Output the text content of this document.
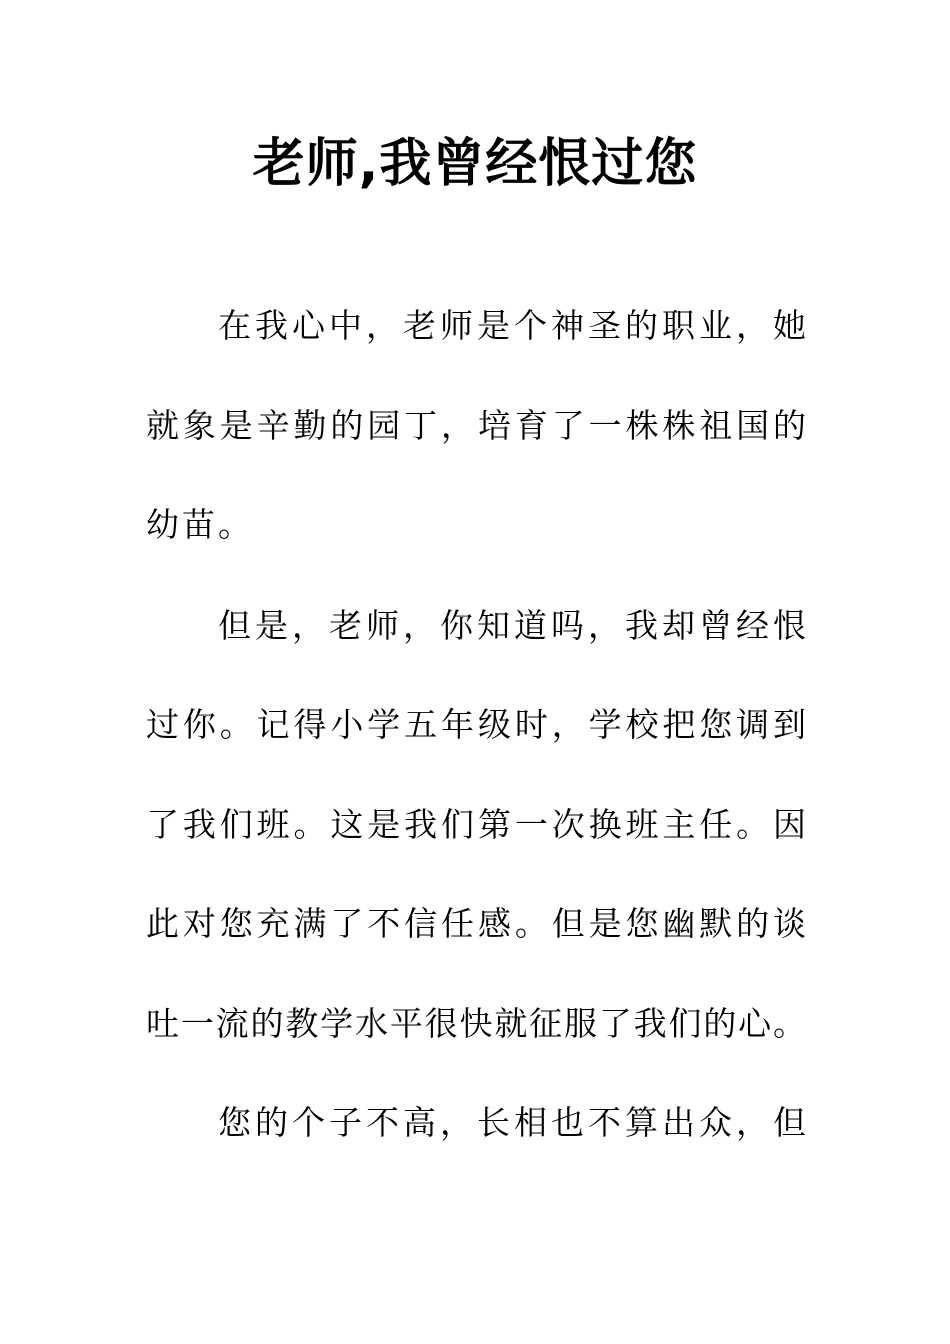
老师,我曾经恨过您

在我心中，老师是个神圣的职业，她

就象是辛勤的园丁，培育了一株株祖国的

幼苗。

但是，老师，你知道吗，我却曾经恨

过你。记得小学五年级时，学校把您调到

了我们班。这是我们第一次换班主任。因

此对您充满了不信任感。但是您幽默的谈

吐一流的教学水平很快就征服了我们的心。

您的个子不高，长相也不算出众，但
